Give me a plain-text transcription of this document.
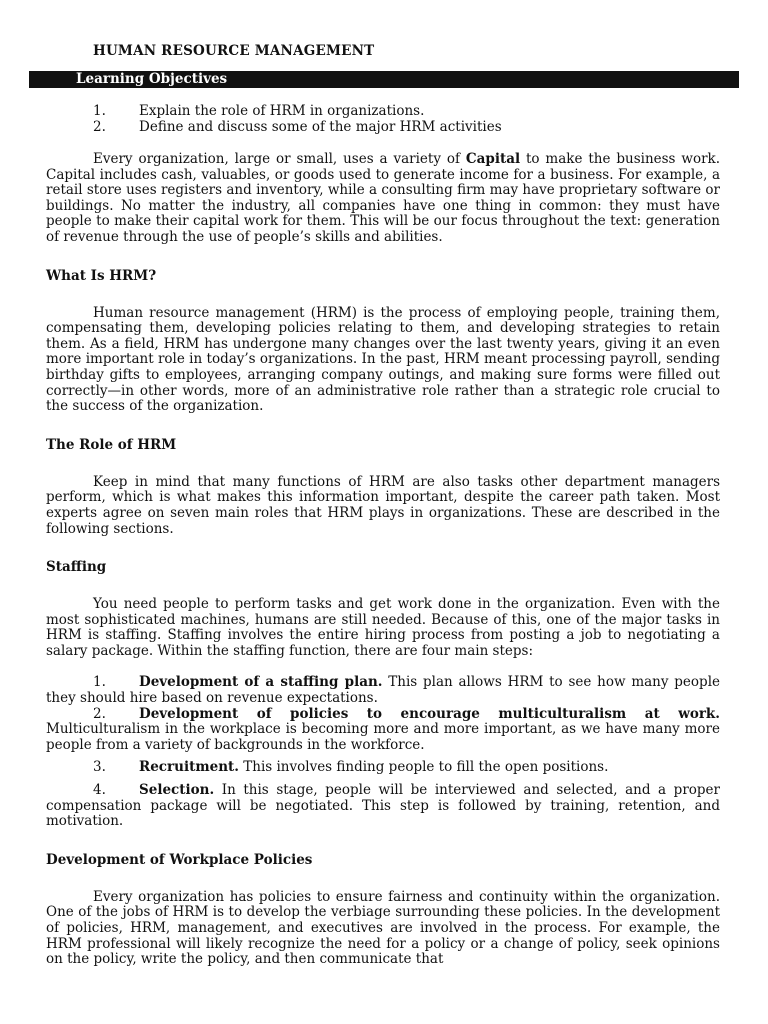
HUMAN RESOURCE MANAGEMENT
Learning Objectives
1.	Explain the role of HRM in organizations.
2.	Define and discuss some of the major HRM activities

Every organization, large or small, uses a variety of Capital to make the business work. Capital includes cash, valuables, or goods used to generate income for a business. For example, a retail store uses registers and inventory, while a consulting firm may have proprietary software or buildings. No matter the industry, all companies have one thing in common: they must have people to make their capital work for them. This will be our focus throughout the text: generation of revenue through the use of people’s skills and abilities.

What Is HRM?

Human resource management (HRM) is the process of employing people, training them, compensating them, developing policies relating to them, and developing strategies to retain them. As a field, HRM has undergone many changes over the last twenty years, giving it an even more important role in today’s organizations. In the past, HRM meant processing payroll, sending birthday gifts to employees, arranging company outings, and making sure forms were filled out correctly—in other words, more of an administrative role rather than a strategic role crucial to the success of the organization.

The Role of HRM

Keep in mind that many functions of HRM are also tasks other department managers perform, which is what makes this information important, despite the career path taken. Most experts agree on seven main roles that HRM plays in organizations. These are described in the following sections.

Staffing

You need people to perform tasks and get work done in the organization. Even with the most sophisticated machines, humans are still needed. Because of this, one of the major tasks in HRM is staffing. Staffing involves the entire hiring process from posting a job to negotiating a salary package. Within the staffing function, there are four main steps:

1. Development of a staffing plan. This plan allows HRM to see how many people they should hire based on revenue expectations.

2. Development of policies to encourage multiculturalism at work. Multiculturalism in the workplace is becoming more and more important, as we have many more people from a variety of backgrounds in the workforce.

3. Recruitment. This involves finding people to fill the open positions.

4. Selection. In this stage, people will be interviewed and selected, and a proper compensation package will be negotiated. This step is followed by training, retention, and motivation.

Development of Workplace Policies

Every organization has policies to ensure fairness and continuity within the organization. One of the jobs of HRM is to develop the verbiage surrounding these policies. In the development of policies, HRM, management, and executives are involved in the process. For example, the HRM professional will likely recognize the need for a policy or a change of policy, seek opinions on the policy, write the policy, and then communicate that
